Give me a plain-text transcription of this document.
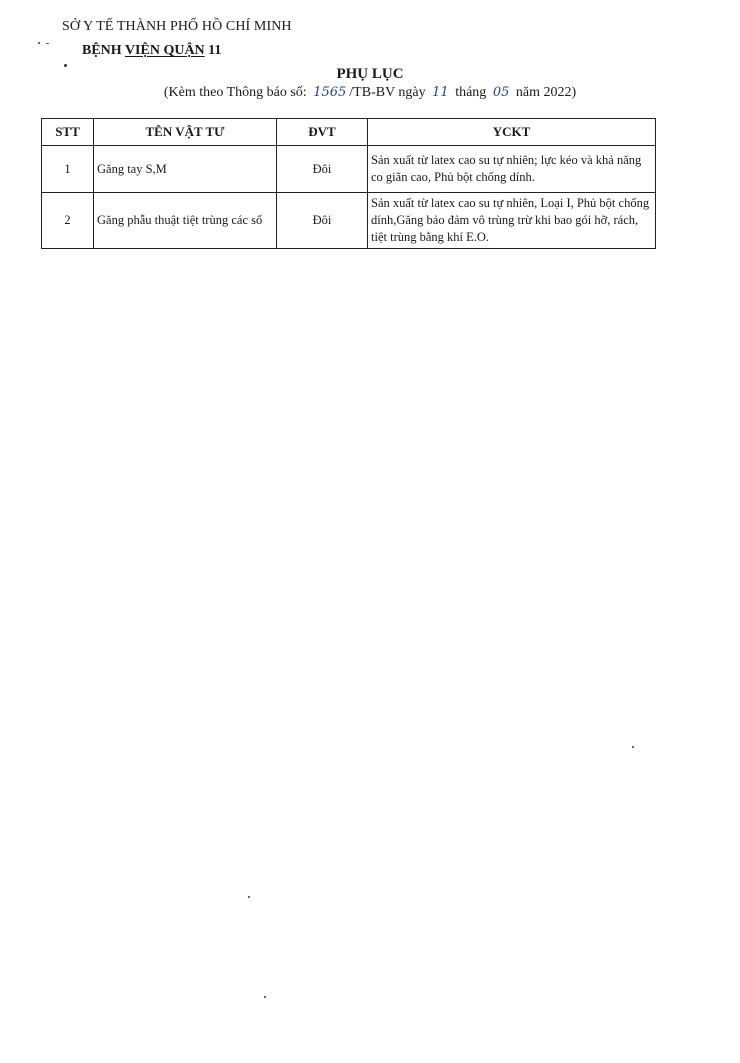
SỞ Y TẾ THÀNH PHỐ HỒ CHÍ MINH
BỆNH VIỆN QUẬN 11
PHỤ LỤC
(Kèm theo Thông báo số: 1565 /TB-BV ngày 11 tháng 05 năm 2022)
STT	TÊN VẬT TƯ	ĐVT	YCKT
1	Găng tay S,M	Đôi	Sản xuất từ latex cao su tự nhiên; lực kéo và khả năng co giãn cao, Phủ bột chống dính.
2	Găng phẫu thuật tiệt trùng các số	Đôi	Sản xuất từ latex cao su tự nhiên, Loại I, Phủ bột chống dính,Găng bảo đảm vô trùng trừ khi bao gói hỡ, rách, tiệt trùng bằng khí E.O.
